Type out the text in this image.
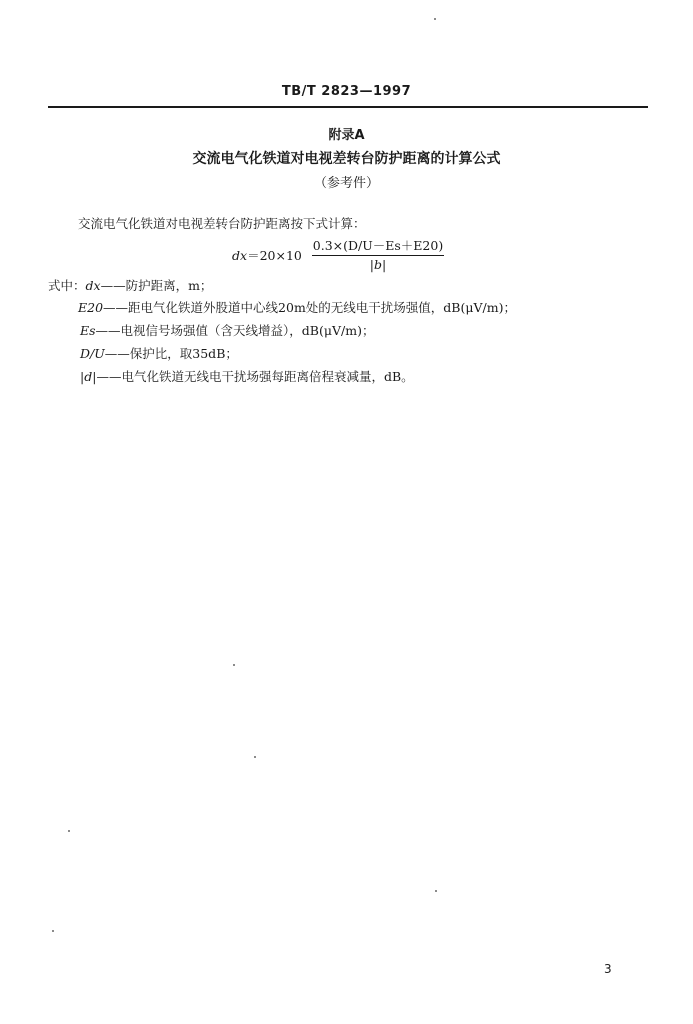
TB/T 2823—1997
附录A
交流电气化铁道对电视差转台防护距离的计算公式
（参考件）
交流电气化铁道对电视差转台防护距离按下式计算：
$dx=20\times 10 \frac{0.3\times(D/U-Es+E20)}{|b|}$
式中：dx——防护距离，m；
E20——距电气化铁道外股道中心线20m处的无线电干扰场强值，dB(μV/m)；
Es——电视信号场强值（含天线增益），dB(μV/m)；
D/U——保护比，取35dB；
|d|——电气化铁道无线电干扰场强每距离倍程衰减量，dB。
3
